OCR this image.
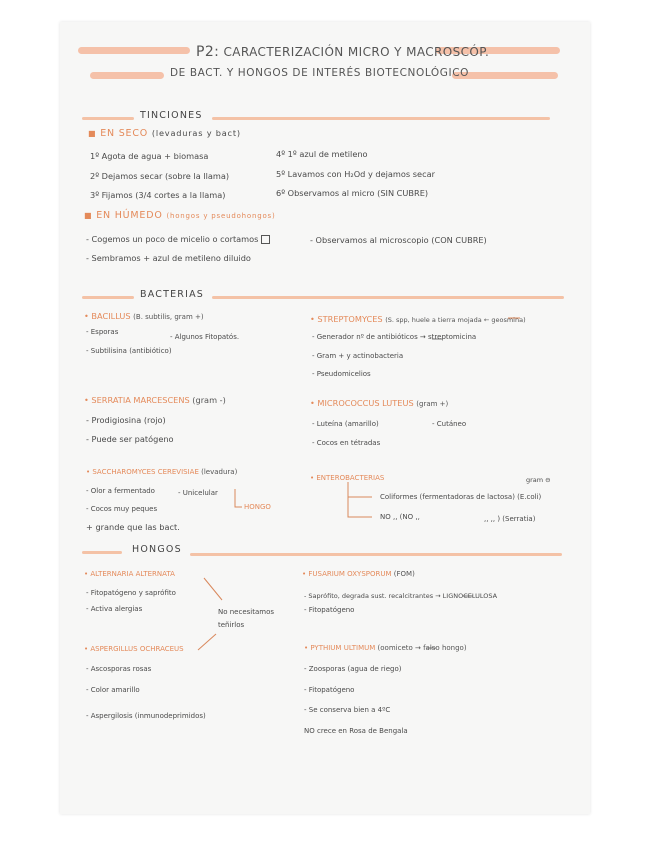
P2: CARACTERIZACIÓN MICRO Y MACROSCÓP.
DE BACT. Y HONGOS DE INTERÉS BIOTECNOLÓGICO
TINCIONES
■ EN SECO (levaduras y bact)
1º Agota de agua + biomasa
2º Dejamos secar (sobre la llama)
3º Fijamos (3/4 cortes a la llama)
4º 1º azul de metileno
5º Lavamos con H₂Od y dejamos secar
6º Observamos al micro (SIN CUBRE)
■ EN HÚMEDO (hongos y pseudohongos)
- Cogemos un poco de micelio o cortamos
- Sembramos + azul de metileno diluido
- Observamos al microscopio (CON CUBRE)
BACTERIAS
• BACILLUS (B. subtilis, gram +)
- Esporas
- Algunos Fitopatós.
- Subtilisina (antibiótico)
• STREPTOMYCES (S. spp, huele a tierra mojada ← geosmina)
- Generador nº de antibióticos → streptomicina
- Gram + y actinobacteria
- Pseudomicelios
• SERRATIA MARCESCENS (gram -)
- Prodigiosina (rojo)
- Puede ser patógeno
• MICROCOCCUS LUTEUS (gram +)
- Luteína (amarillo)	- Cutáneo
- Cocos en tétradas
• SACCHAROMYCES CEREVISIAE (levadura)
- Olor a fermentado	- Unicelular
HONGO
- Cocos muy peques
+ grande que las bact.
• ENTEROBACTERIAS	gram ⊖
Coliformes (fermentadoras de lactosa) (E.coli)
NO ,, (NO ,,	,, ,, ) (Serratia)
HONGOS
• ALTERNARIA ALTERNATA
- Fitopatógeno y saprófito
- Activa alergias	No necesitamos teñirlos
• ASPERGILLUS OCHRACEUS
- Ascosporas rosas
- Color amarillo
- Aspergilosis (inmunodeprimidos)
• FUSARIUM OXYSPORUM (FOM)
- Saprófito, degrada sust. recalcitrantes → LIGNOCELULOSA
- Fitopatógeno
• PYTHIUM ULTIMUM (oomiceto → falso hongo)
- Zoosporas (agua de riego)
- Fitopatógeno
- Se conserva bien a 4ºC
NO crece en Rosa de Bengala
